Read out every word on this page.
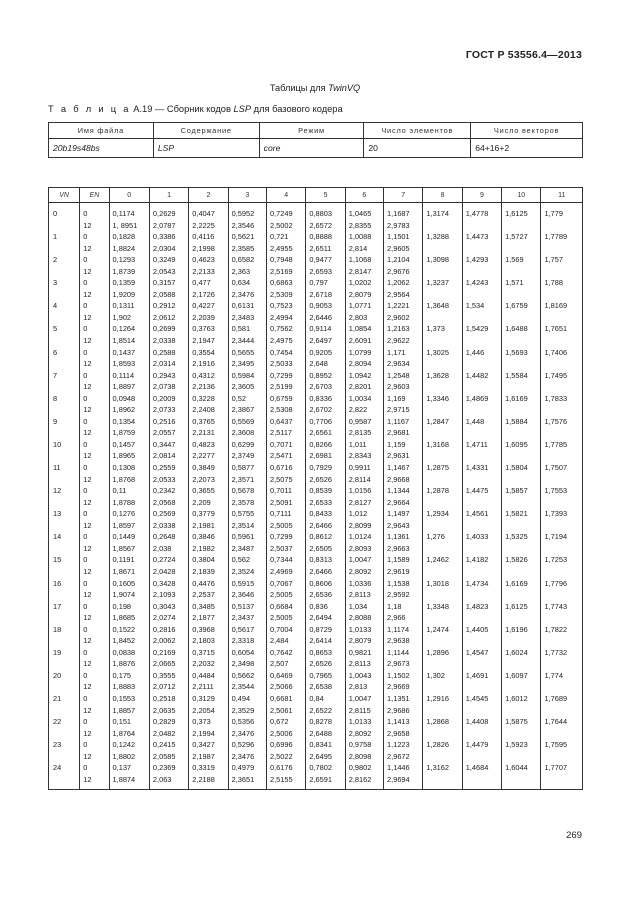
ГОСТ Р 53556.4—2013
Таблицы для TwinVQ
Т а б л и ц а А.19 — Сборник кодов LSP для базового кодера
Имя файла	Содержание	Режим	Число элементов	Число векторов
20b19s48bs	LSP	core	20	64+16+2
VN	EN	0	1	2	3	4	5	6	7	8	9	10	11
0	0	0,1174	0,2629	0,4047	0,5952	0,7249	0,8803	1,0465	1,1687	1,3174	1,4778	1,6125	1,779
	12	1, 8951	2,0787	2,2225	2,3546	2,5002	2,6572	2,8355	2,9783				
1	0	0,1828	0,3386	0,4116	0,5621	0,721	0,8888	1,0088	1,1501	1,3288	1,4473	1,5727	1,7789
	12	1,8824	2,0304	2,1998	2,3585	2,4955	2,6511	2,814	2,9605				
2	0	0,1293	0,3249	0,4623	0,6582	0,7948	0,9477	1,1068	1,2104	1,3098	1,4293	1,569	1,757
	12	1,8739	2,0543	2,2133	2,363	2,5169	2,6593	2,8147	2,9676				
3	0	0,1359	0,3157	0,477	0,634	0,6863	0,797	1,0202	1,2062	1,3237	1,4243	1,571	1,788
	12	1,9209	2,0588	2,1726	2,3476	2,5309	2,6718	2,8079	2,9564				
4	0	0,1311	0,2912	0,4227	0,6131	0,7523	0,9053	1,0771	1,2221	1,3648	1,534	1,6759	1,8169
	12	1,902	2,0612	2,2039	2,3483	2,4994	2,6446	2,803	2,9602				
5	0	0,1264	0,2699	0,3763	0,581	0,7562	0,9114	1,0854	1,2163	1,373	1,5429	1,6488	1,7651
	12	1,8514	2,0338	2,1947	2,3444	2,4975	2,6497	2,6091	2,9622				
6	0	0,1437	0,2588	0,3554	0,5655	0,7454	0,9205	1,0799	1,171	1,3025	1,446	1,5693	1,7406
	12	1,8593	2,0314	2,1916	2,3495	2,5033	2,648	2,8094	2,9634				
7	0	0,1114	0,2943	0,4312	0,5984	0,7299	0,8952	1,0942	1,2548	1,3628	1,4482	1,5584	1,7495
	12	1,8897	2,0738	2,2136	2,3605	2,5199	2,6703	2,8201	2,9603				
8	0	0,0948	0,2009	0,3228	0,52	0,6759	0,8336	1,0034	1,169	1,3346	1,4869	1,6169	1,7833
	12	1,8962	2,0733	2,2408	2,3867	2,5308	2,6702	2,822	2,9715				
9	0	0,1354	0,2516	0,3765	0,5569	0,6437	0,7706	0,9587	1,1167	1,2847	1,448	1,5884	1,7576
	12	1,8759	2,0557	2,2131	2,3608	2,5117	2,6561	2,8135	2,9681				
10	0	0,1457	0,3447	0,4823	0,6299	0,7071	0,8266	1,011	1,159	1,3168	1,4711	1,6095	1,7785
	12	1,8965	2,0814	2,2277	2,3749	2,5471	2,6981	2,8343	2,9631				
11	0	0,1308	0,2559	0,3849	0,5877	0,6716	0,7929	0,9911	1,1467	1,2875	1,4331	1,5804	1,7507
	12	1,8768	2,0533	2,2073	2,3571	2,5075	2,6526	2,8114	2,9668				
12	0	0,11	0,2342	0,3655	0,5678	0,7011	0,8539	1,0156	1,1344	1,2878	1,4475	1,5857	1,7553
	12	1,8788	2,0568	2,209	2,3578	2,5091	2,6533	2,8127	2,9664				
13	0	0,1276	0,2569	0,3779	0,5755	0,7111	0,8433	1,012	1,1497	1,2934	1,4561	1,5821	1,7393
	12	1,8597	2,0338	2,1981	2,3514	2,5005	2,6466	2,8099	2,9643				
14	0	0,1449	0,2648	0,3846	0,5961	0,7299	0,8612	1,0124	1,1361	1,276	1,4033	1,5325	1,7194
	12	1,8567	2,038	2,1982	2,3487	2,5037	2,6505	2,8093	2,9663				
15	0	0,1191	0,2724	0,3804	0,562	0,7344	0,8313	1,0047	1,1589	1,2462	1,4182	1,5826	1,7253
	12	1,8671	2,0428	2,1839	2,3524	2,4969	2,6466	2,8092	2,9619				
16	0	0,1605	0,3428	0,4476	0,5915	0,7067	0,8606	1,0336	1,1538	1,3018	1,4734	1,6169	1,7796
	12	1,9074	2,1093	2,2537	2,3646	2,5005	2,6536	2,8113	2,9592				
17	0	0,198	0,3043	0,3485	0,5137	0,6684	0,836	1,034	1,18	1,3348	1,4823	1,6125	1,7743
	12	1,8685	2,0274	2,1877	2,3437	2,5005	2,6494	2,8088	2,966				
18	0	0,1522	0,2816	0,3968	0,5617	0,7004	0,8729	1,0133	1,1174	1,2474	1,4405	1,6196	1,7822
	12	1,8452	2,0062	2,1803	2,3318	2,484	2,6414	2,8079	2,9638				
19	0	0,0838	0,2169	0,3715	0,6054	0,7642	0,8653	0,9821	1,1144	1,2896	1,4547	1,6024	1,7732
	12	1,8876	2,0665	2,2032	2,3498	2,507	2,6526	2,8113	2,9673				
20	0	0,175	0,3555	0,4484	0,5662	0,6469	0,7965	1,0043	1,1502	1,302	1,4691	1,6097	1,774
	12	1,8883	2,0712	2,2111	2,3544	2,5066	2,6538	2,813	2,9669				
21	0	0,1553	0,2518	0,3129	0,494	0,6681	0,84	1,0047	1,1351	1,2916	1,4545	1,6012	1,7689
	12	1,8857	2,0635	2,2054	2,3529	2,5061	2,6522	2,8115	2,9686				
22	0	0,151	0,2829	0,373	0,5356	0,672	0,8278	1,0133	1,1413	1,2868	1,4408	1,5875	1,7644
	12	1,8764	2,0482	2,1994	2,3476	2,5006	2,6488	2,8092	2,9658				
23	0	0,1242	0,2415	0,3427	0,5296	0,6996	0,8341	0,9758	1,1223	1,2826	1,4479	1,5923	1,7595
	12	1,8802	2,0585	2,1987	2,3476	2,5022	2,6495	2,8098	2,9672				
24	0	0,137	0,2369	0,3319	0,4979	0,6176	0,7802	0,9802	1,1446	1,3162	1,4684	1,6044	1,7707
	12	1,8874	2,063	2,2188	2,3651	2,5155	2,6591	2,8162	2,9694				
269
